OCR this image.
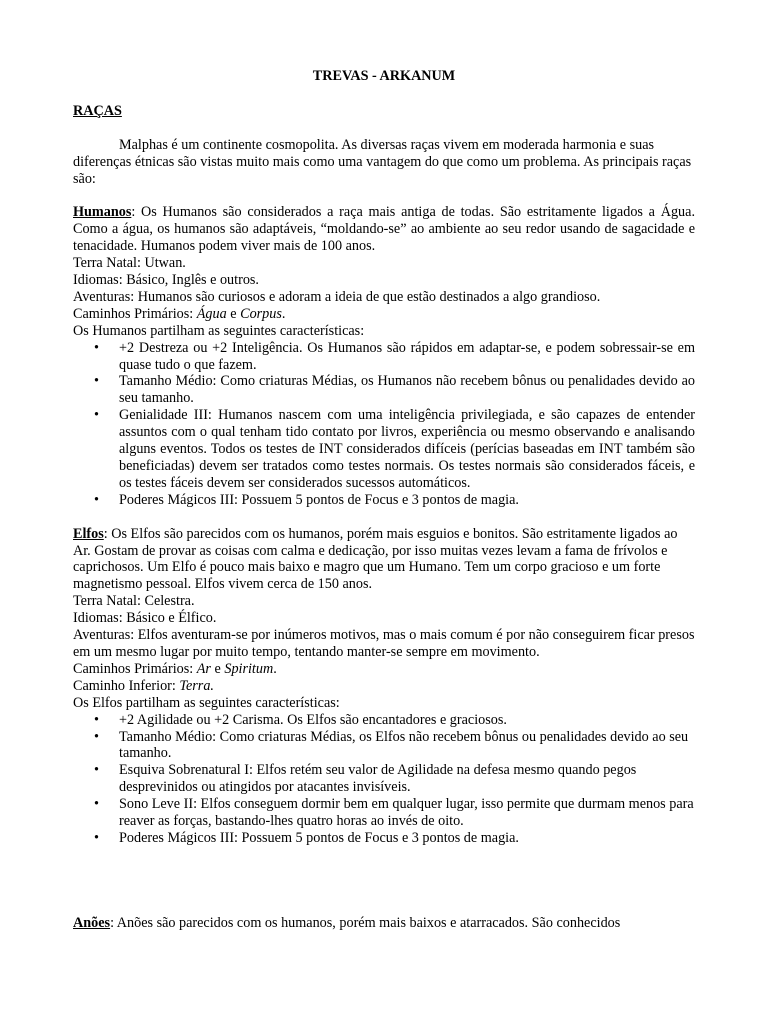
TREVAS - ARKANUM

RAÇAS

Malphas é um continente cosmopolita. As diversas raças vivem em moderada harmonia e suas diferenças étnicas são vistas muito mais como uma vantagem do que como um problema. As principais raças são:

Humanos: Os Humanos são considerados a raça mais antiga de todas. São estritamente ligados a Água. Como a água, os humanos são adaptáveis, “moldando-se” ao ambiente ao seu redor usando de sagacidade e tenacidade. Humanos podem viver mais de 100 anos.

Terra Natal: Utwan.

Idiomas: Básico, Inglês e outros.

Aventuras: Humanos são curiosos e adoram a ideia de que estão destinados a algo grandioso.

Caminhos Primários: Água e Corpus.

Os Humanos partilham as seguintes características:

• +2 Destreza ou +2 Inteligência. Os Humanos são rápidos em adaptar-se, e podem sobressair-se em quase tudo o que fazem.
• Tamanho Médio: Como criaturas Médias, os Humanos não recebem bônus ou penalidades devido ao seu tamanho.
• Genialidade III: Humanos nascem com uma inteligência privilegiada, e são capazes de entender assuntos com o qual tenham tido contato por livros, experiência ou mesmo observando e analisando alguns eventos. Todos os testes de INT considerados difíceis (perícias baseadas em INT também são beneficiadas) devem ser tratados como testes normais. Os testes normais são considerados fáceis, e os testes fáceis devem ser considerados sucessos automáticos.
• Poderes Mágicos III: Possuem 5 pontos de Focus e 3 pontos de magia.

Elfos: Os Elfos são parecidos com os humanos, porém mais esguios e bonitos. São estritamente ligados ao Ar. Gostam de provar as coisas com calma e dedicação, por isso muitas vezes levam a fama de frívolos e caprichosos. Um Elfo é pouco mais baixo e magro que um Humano. Tem um corpo gracioso e um forte magnetismo pessoal. Elfos vivem cerca de 150 anos.

Terra Natal: Celestra.

Idiomas: Básico e Élfico.

Aventuras: Elfos aventuram-se por inúmeros motivos, mas o mais comum é por não conseguirem ficar presos em um mesmo lugar por muito tempo, tentando manter-se sempre em movimento.

Caminhos Primários: Ar e Spiritum.

Caminho Inferior: Terra.

Os Elfos partilham as seguintes características:

• +2 Agilidade ou +2 Carisma. Os Elfos são encantadores e graciosos.
• Tamanho Médio: Como criaturas Médias, os Elfos não recebem bônus ou penalidades devido ao seu tamanho.
• Esquiva Sobrenatural I: Elfos retém seu valor de Agilidade na defesa mesmo quando pegos desprevinidos ou atingidos por atacantes invisíveis.
• Sono Leve II: Elfos conseguem dormir bem em qualquer lugar, isso permite que durmam menos para reaver as forças, bastando-lhes quatro horas ao invés de oito.
• Poderes Mágicos III: Possuem 5 pontos de Focus e 3 pontos de magia.

Anões: Anões são parecidos com os humanos, porém mais baixos e atarracados. São conhecidos
